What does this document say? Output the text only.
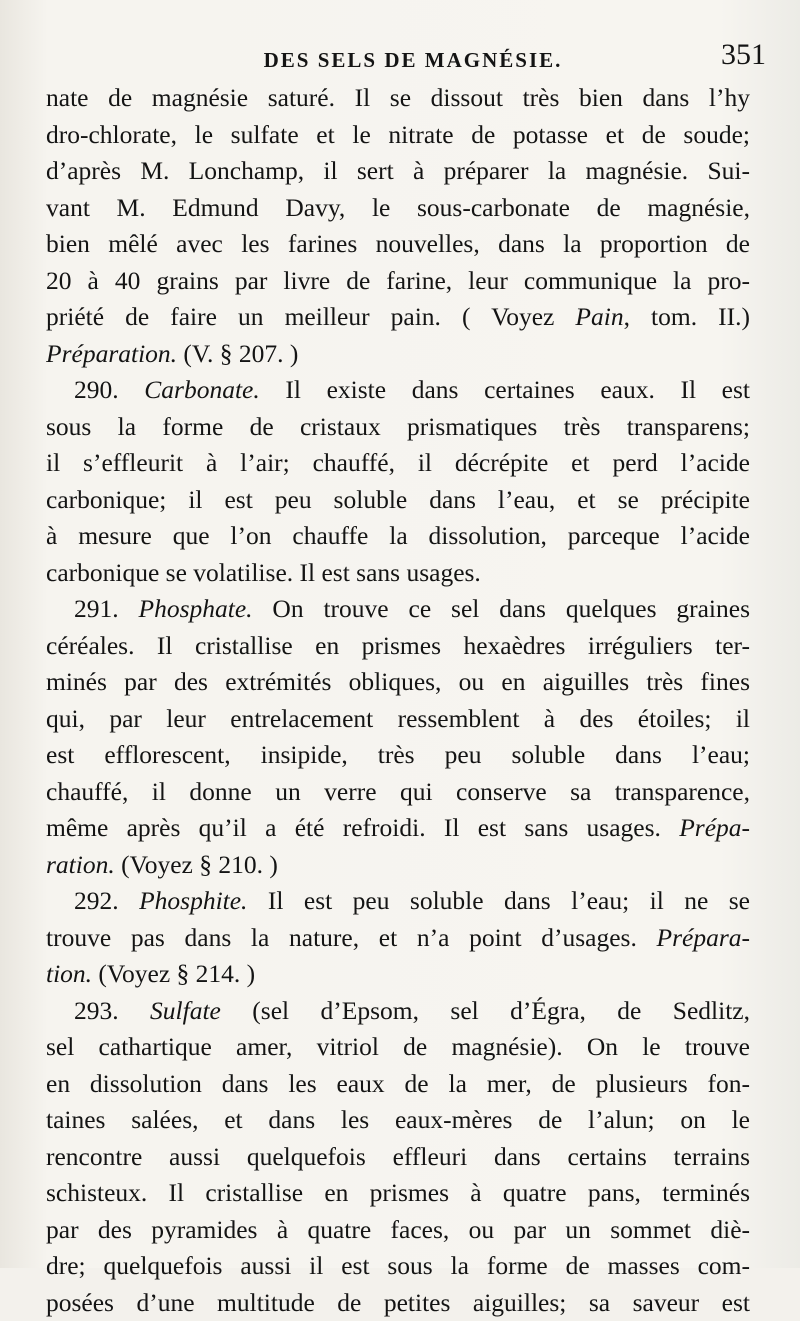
DES SELS DE MAGNÉSIE.	351
nate de magnésie saturé. Il se dissout très bien dans l’hy
dro-chlorate, le sulfate et le nitrate de potasse et de soude;
d’après M. Lonchamp, il sert à préparer la magnésie. Sui-
vant M. Edmund Davy, le sous-carbonate de magnésie,
bien mêlé avec les farines nouvelles, dans la proportion de
20 à 40 grains par livre de farine, leur communique la pro-
priété de faire un meilleur pain. ( Voyez Pain, tom. II.)
Préparation. (V. § 207. )
290. Carbonate. Il existe dans certaines eaux. Il est
sous la forme de cristaux prismatiques très transparens;
il s’effleurit à l’air; chauffé, il décrépite et perd l’acide
carbonique; il est peu soluble dans l’eau, et se précipite
à mesure que l’on chauffe la dissolution, parceque l’acide
carbonique se volatilise. Il est sans usages.
291. Phosphate. On trouve ce sel dans quelques graines
céréales. Il cristallise en prismes hexaèdres irréguliers ter-
minés par des extrémités obliques, ou en aiguilles très fines
qui, par leur entrelacement ressemblent à des étoiles; il
est efflorescent, insipide, très peu soluble dans l’eau;
chauffé, il donne un verre qui conserve sa transparence,
même après qu’il a été refroidi. Il est sans usages. Prépa-
ration. (Voyez § 210. )
292. Phosphite. Il est peu soluble dans l’eau; il ne se
trouve pas dans la nature, et n’a point d’usages. Prépara-
tion. (Voyez § 214. )
293. Sulfate (sel d’Epsom, sel d’Égra, de Sedlitz,
sel cathartique amer, vitriol de magnésie). On le trouve
en dissolution dans les eaux de la mer, de plusieurs fon-
taines salées, et dans les eaux-mères de l’alun; on le
rencontre aussi quelquefois effleuri dans certains terrains
schisteux. Il cristallise en prismes à quatre pans, terminés
par des pyramides à quatre faces, ou par un sommet diè-
dre; quelquefois aussi il est sous la forme de masses com-
posées d’une multitude de petites aiguilles; sa saveur est
